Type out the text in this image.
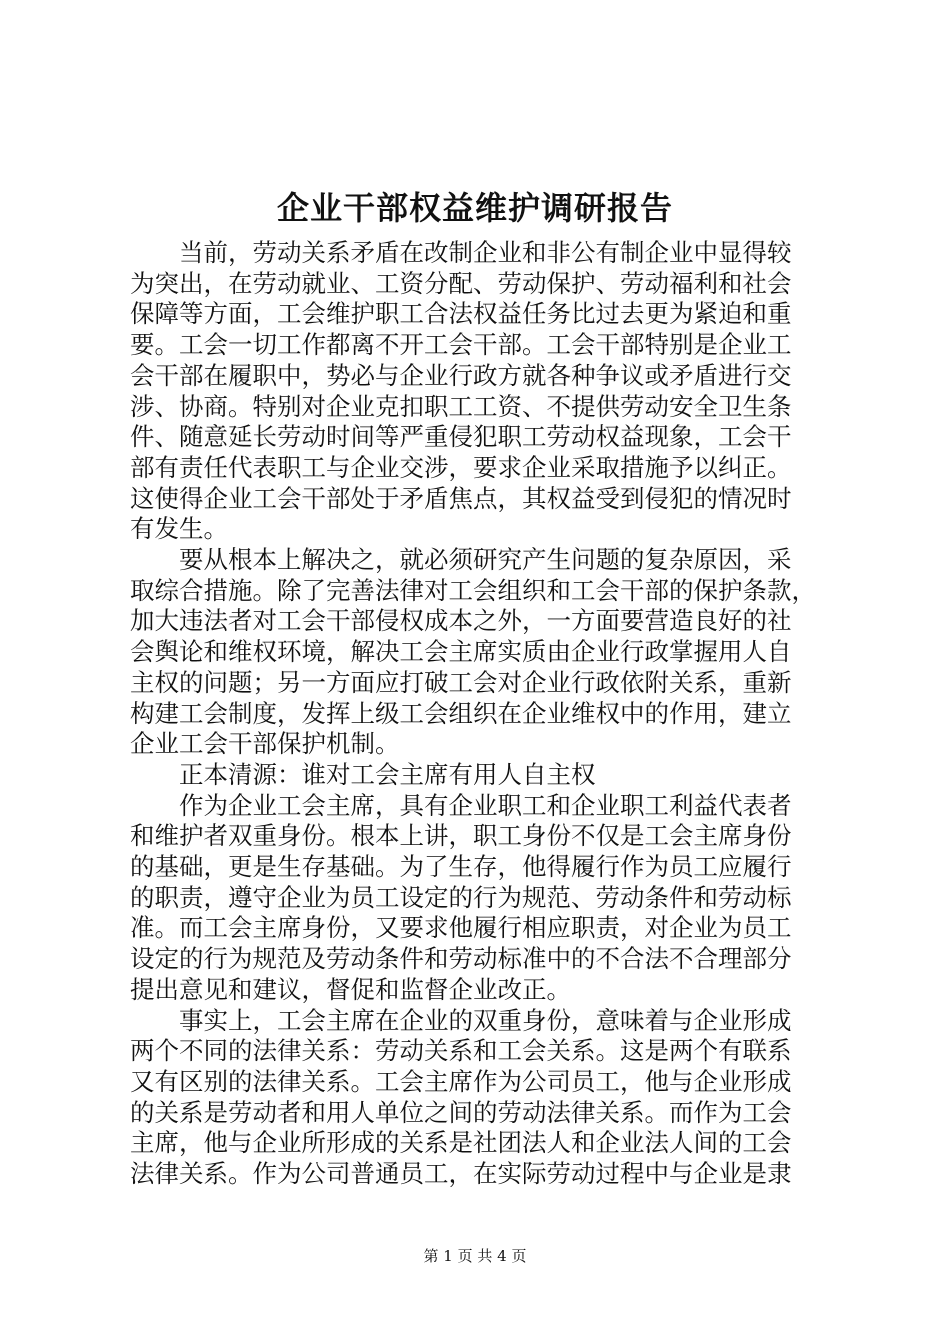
企业干部权益维护调研报告
当前，劳动关系矛盾在改制企业和非公有制企业中显得较
为突出，在劳动就业、工资分配、劳动保护、劳动福利和社会
保障等方面，工会维护职工合法权益任务比过去更为紧迫和重
要。工会一切工作都离不开工会干部。工会干部特别是企业工
会干部在履职中，势必与企业行政方就各种争议或矛盾进行交
涉、协商。特别对企业克扣职工工资、不提供劳动安全卫生条
件、随意延长劳动时间等严重侵犯职工劳动权益现象，工会干
部有责任代表职工与企业交涉，要求企业采取措施予以纠正。
这使得企业工会干部处于矛盾焦点，其权益受到侵犯的情况时
有发生。
要从根本上解决之，就必须研究产生问题的复杂原因，采
取综合措施。除了完善法律对工会组织和工会干部的保护条款，
加大违法者对工会干部侵权成本之外，一方面要营造良好的社
会舆论和维权环境，解决工会主席实质由企业行政掌握用人自
主权的问题；另一方面应打破工会对企业行政依附关系，重新
构建工会制度，发挥上级工会组织在企业维权中的作用，建立
企业工会干部保护机制。
正本清源：谁对工会主席有用人自主权
作为企业工会主席，具有企业职工和企业职工利益代表者
和维护者双重身份。根本上讲，职工身份不仅是工会主席身份
的基础，更是生存基础。为了生存，他得履行作为员工应履行
的职责，遵守企业为员工设定的行为规范、劳动条件和劳动标
准。而工会主席身份，又要求他履行相应职责，对企业为员工
设定的行为规范及劳动条件和劳动标准中的不合法不合理部分
提出意见和建议，督促和监督企业改正。
事实上，工会主席在企业的双重身份，意味着与企业形成
两个不同的法律关系：劳动关系和工会关系。这是两个有联系
又有区别的法律关系。工会主席作为公司员工，他与企业形成
的关系是劳动者和用人单位之间的劳动法律关系。而作为工会
主席，他与企业所形成的关系是社团法人和企业法人间的工会
法律关系。作为公司普通员工，在实际劳动过程中与企业是隶
第 1 页 共 4 页
